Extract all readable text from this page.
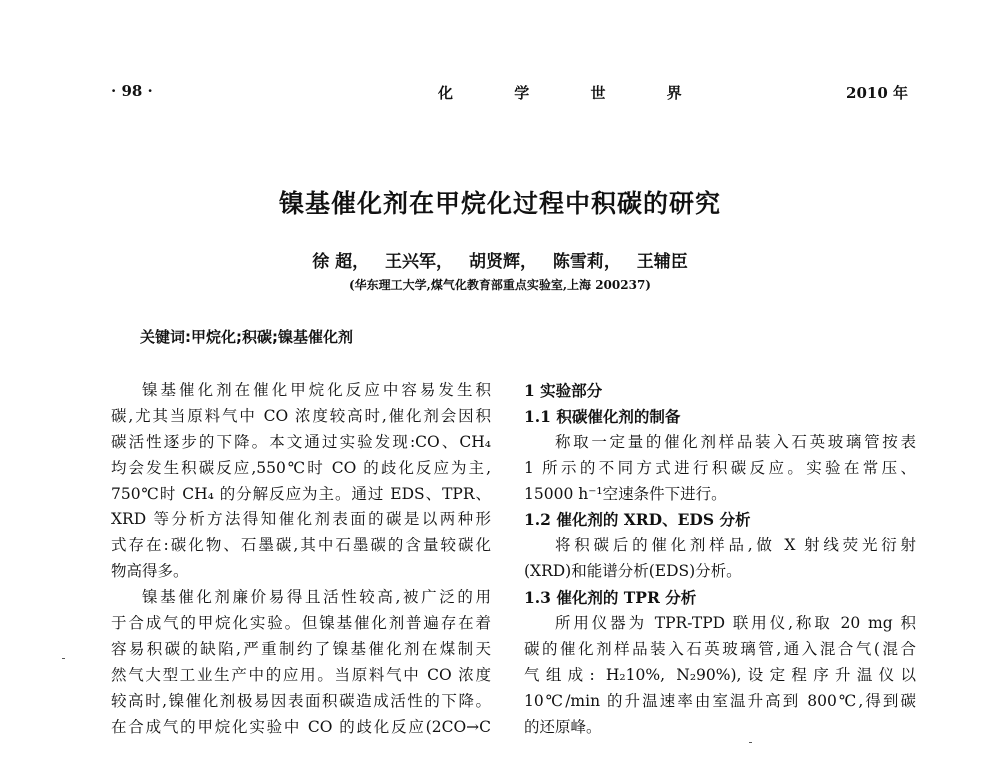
· 98 ·	化 学 世 界	2010 年
镍基催化剂在甲烷化过程中积碳的研究
徐 超， 王兴军， 胡贤辉， 陈雪莉， 王辅臣
(华东理工大学,煤气化教育部重点实验室,上海 200237)
关键词:甲烷化;积碳;镍基催化剂
镍基催化剂在催化甲烷化反应中容易发生积
碳,尤其当原料气中 CO 浓度较高时,催化剂会因积
碳活性逐步的下降。本文通过实验发现:CO、CH₄
均会发生积碳反应,550℃时 CO 的歧化反应为主,
750℃时 CH₄ 的分解反应为主。通过 EDS、TPR、
XRD 等分析方法得知催化剂表面的碳是以两种形
式存在:碳化物、石墨碳,其中石墨碳的含量较碳化
物高得多。
镍基催化剂廉价易得且活性较高,被广泛的用
于合成气的甲烷化实验。但镍基催化剂普遍存在着
容易积碳的缺陷,严重制约了镍基催化剂在煤制天
然气大型工业生产中的应用。当原料气中 CO 浓度
较高时,镍催化剂极易因表面积碳造成活性的下降。
在合成气的甲烷化实验中 CO 的歧化反应(2CO→C
1 实验部分
1.1 积碳催化剂的制备
称取一定量的催化剂样品装入石英玻璃管按表
1 所示的不同方式进行积碳反应。实验在常压、
15000 h⁻¹空速条件下进行。
1.2 催化剂的 XRD、EDS 分析
将积碳后的催化剂样品,做 X 射线荧光衍射
(XRD)和能谱分析(EDS)分析。
1.3 催化剂的 TPR 分析
所用仪器为 TPR-TPD 联用仪,称取 20 mg 积
碳的催化剂样品装入石英玻璃管,通入混合气(混合
气组成: H₂10%, N₂90%),设定程序升温仪以
10℃/min 的升温速率由室温升高到 800℃,得到碳
的还原峰。
